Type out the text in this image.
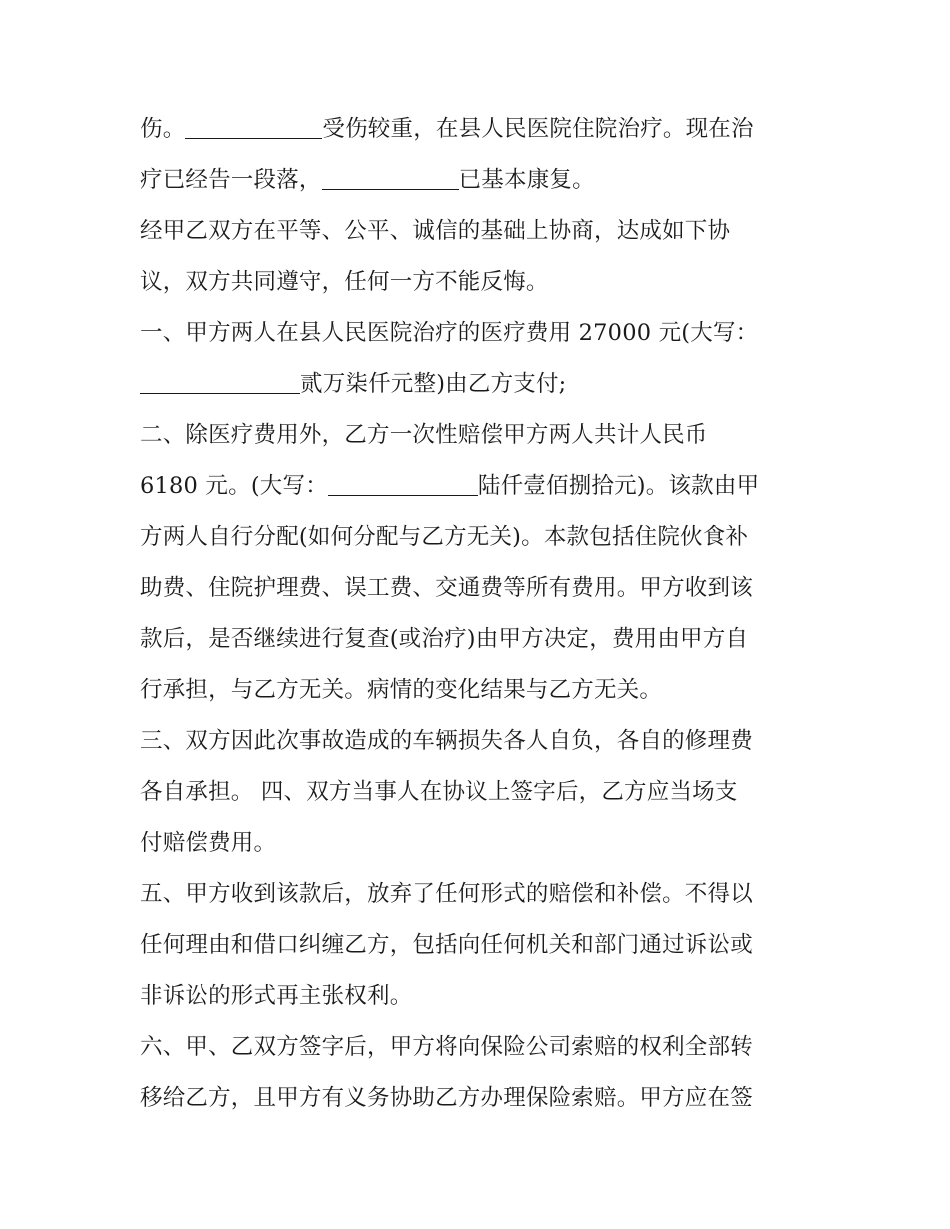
伤。	受伤较重，在县人民医院住院治疗。现在治
疗已经告一段落，	已基本康复。
经甲乙双方在平等、公平、诚信的基础上协商，达成如下协
议，双方共同遵守，任何一方不能反悔。
一、甲方两人在县人民医院治疗的医疗费用 27000 元(大写：
贰万柒仟元整)由乙方支付;
二、除医疗费用外，乙方一次性赔偿甲方两人共计人民币
6180 元。(大写：	陆仟壹佰捌拾元)。该款由甲
方两人自行分配(如何分配与乙方无关)。本款包括住院伙食补
助费、住院护理费、误工费、交通费等所有费用。甲方收到该
款后，是否继续进行复查(或治疗)由甲方决定，费用由甲方自
行承担，与乙方无关。病情的变化结果与乙方无关。
三、双方因此次事故造成的车辆损失各人自负，各自的修理费
各自承担。 四、双方当事人在协议上签字后，乙方应当场支
付赔偿费用。
五、甲方收到该款后，放弃了任何形式的赔偿和补偿。不得以
任何理由和借口纠缠乙方，包括向任何机关和部门通过诉讼或
非诉讼的形式再主张权利。
六、甲、乙双方签字后，甲方将向保险公司索赔的权利全部转
移给乙方，且甲方有义务协助乙方办理保险索赔。甲方应在签
